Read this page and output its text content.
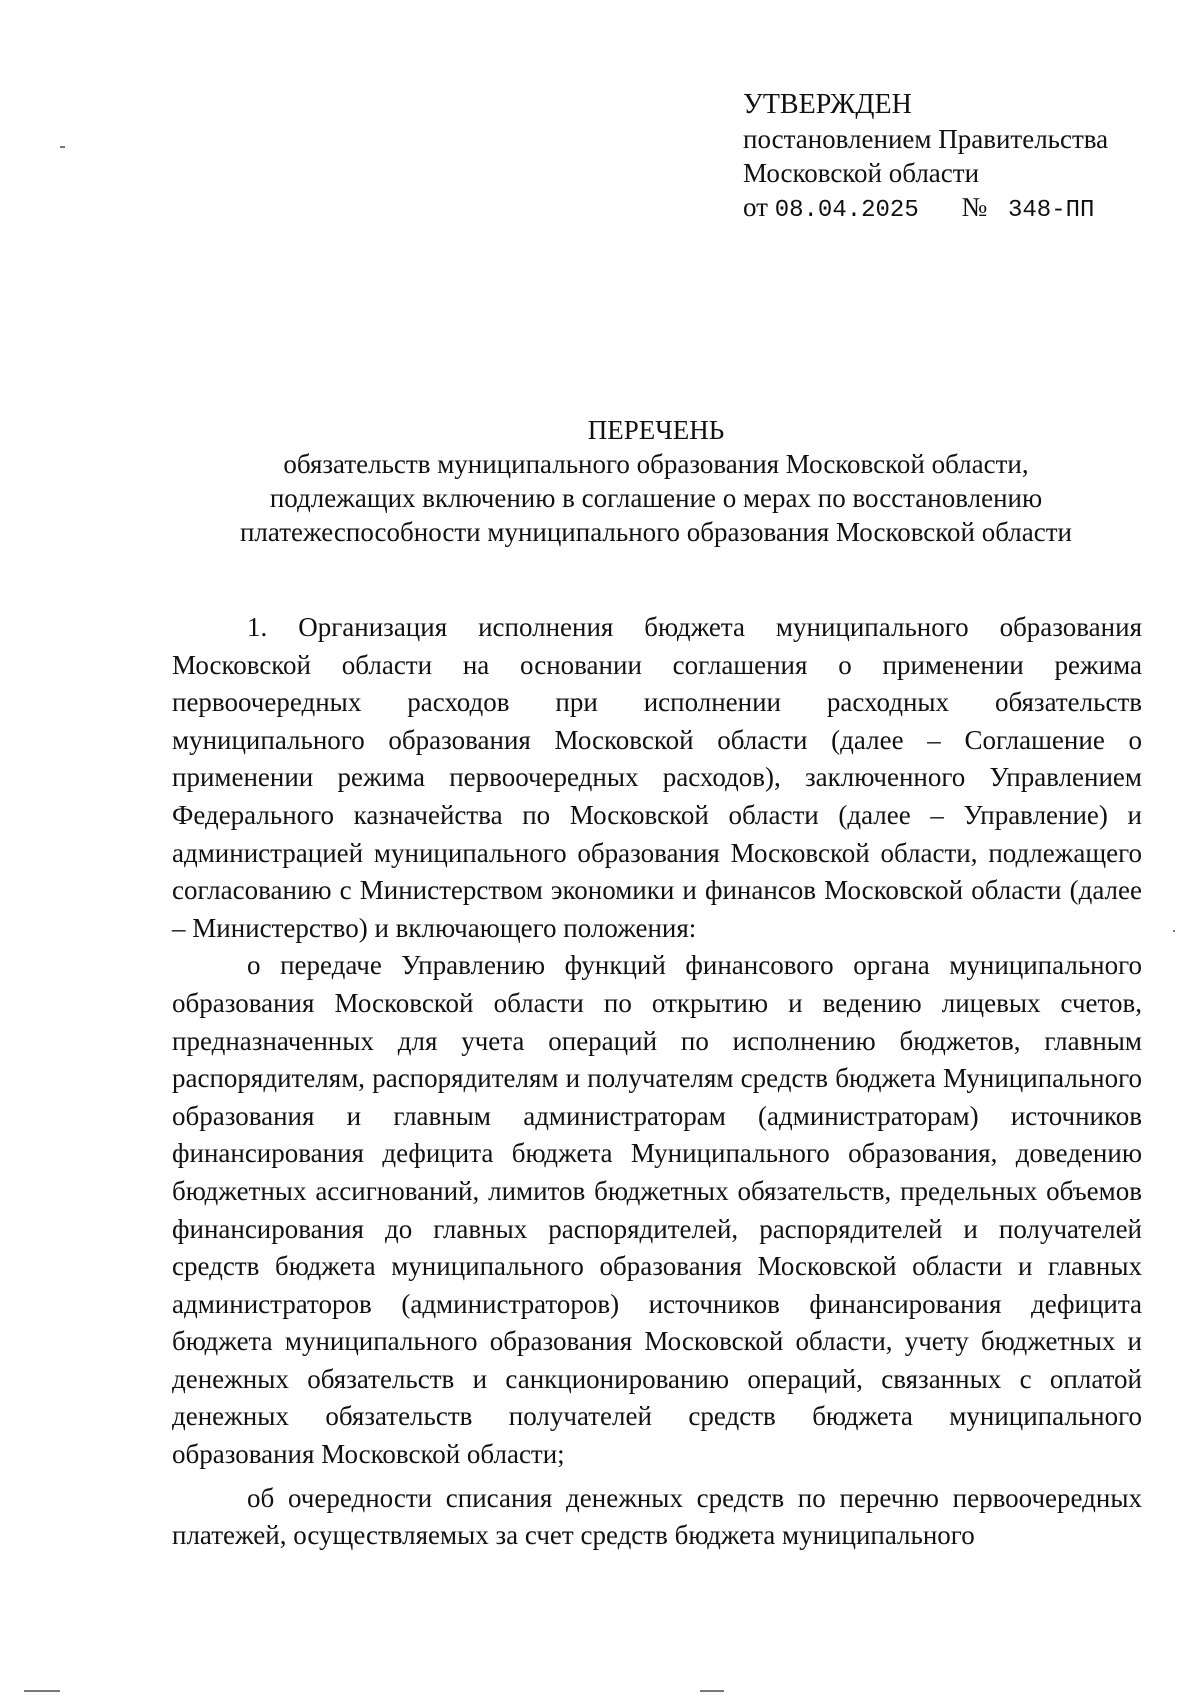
УТВЕРЖДЕН
постановлением Правительства
Московской области
от 08.04.2025 № 348-ПП
ПЕРЕЧЕНЬ
обязательств муниципального образования Московской области,
подлежащих включению в соглашение о мерах по восстановлению
платежеспособности муниципального образования Московской области

1. Организация исполнения бюджета муниципального образования Московской области на основании соглашения о применении режима первоочередных расходов при исполнении расходных обязательств муниципального образования Московской области (далее – Соглашение о применении режима первоочередных расходов), заключенного Управлением Федерального казначейства по Московской области (далее – Управление) и администрацией муниципального образования Московской области, подлежащего согласованию с Министерством экономики и финансов Московской области (далее – Министерство) и включающего положения:

о передаче Управлению функций финансового органа муниципального образования Московской области по открытию и ведению лицевых счетов, предназначенных для учета операций по исполнению бюджетов, главным распорядителям, распорядителям и получателям средств бюджета Муниципального образования и главным администраторам (администраторам) источников финансирования дефицита бюджета Муниципального образования, доведению бюджетных ассигнований, лимитов бюджетных обязательств, предельных объемов финансирования до главных распорядителей, распорядителей и получателей средств бюджета муниципального образования Московской области и главных администраторов (администраторов) источников финансирования дефицита бюджета муниципального образования Московской области, учету бюджетных и денежных обязательств и санкционированию операций, связанных с оплатой денежных обязательств получателей средств бюджета муниципального образования Московской области;

об очередности списания денежных средств по перечню первоочередных платежей, осуществляемых за счет средств бюджета муниципального
